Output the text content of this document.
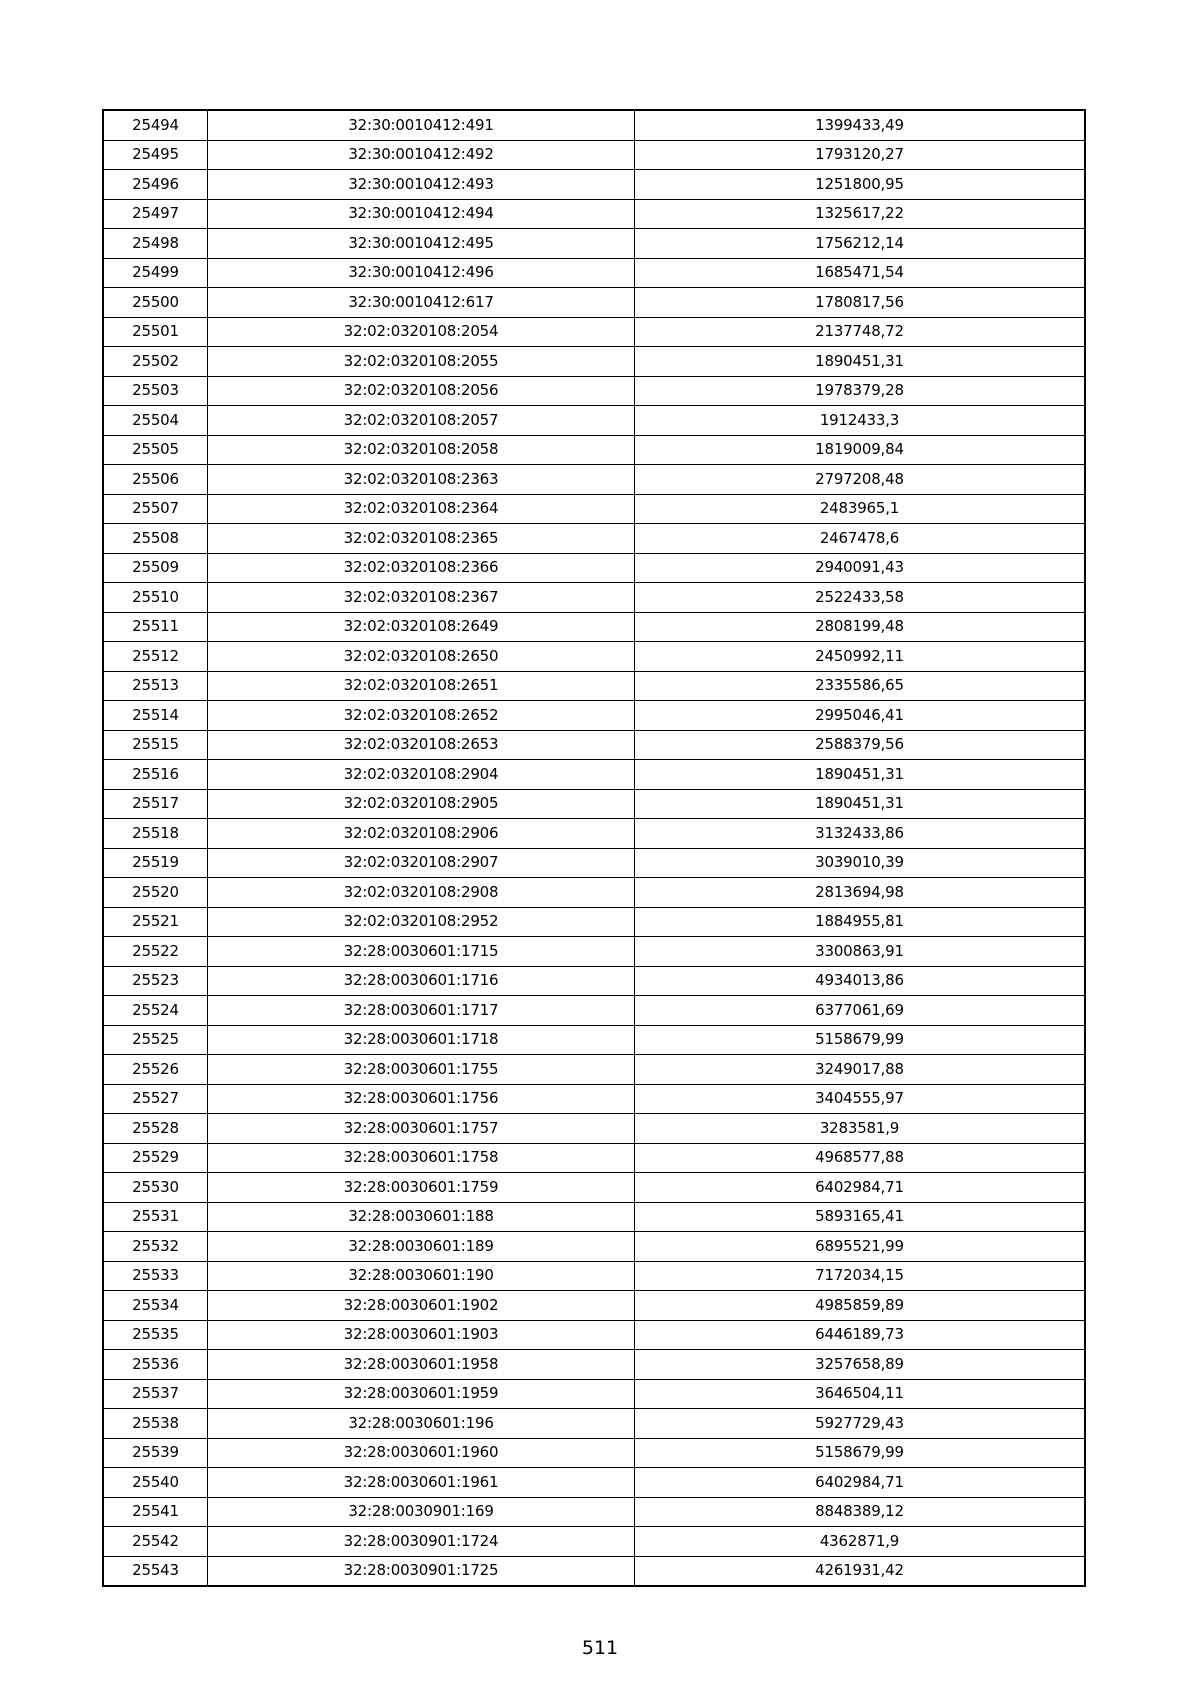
25494	32:30:0010412:491	1399433,49
25495	32:30:0010412:492	1793120,27
25496	32:30:0010412:493	1251800,95
25497	32:30:0010412:494	1325617,22
25498	32:30:0010412:495	1756212,14
25499	32:30:0010412:496	1685471,54
25500	32:30:0010412:617	1780817,56
25501	32:02:0320108:2054	2137748,72
25502	32:02:0320108:2055	1890451,31
25503	32:02:0320108:2056	1978379,28
25504	32:02:0320108:2057	1912433,3
25505	32:02:0320108:2058	1819009,84
25506	32:02:0320108:2363	2797208,48
25507	32:02:0320108:2364	2483965,1
25508	32:02:0320108:2365	2467478,6
25509	32:02:0320108:2366	2940091,43
25510	32:02:0320108:2367	2522433,58
25511	32:02:0320108:2649	2808199,48
25512	32:02:0320108:2650	2450992,11
25513	32:02:0320108:2651	2335586,65
25514	32:02:0320108:2652	2995046,41
25515	32:02:0320108:2653	2588379,56
25516	32:02:0320108:2904	1890451,31
25517	32:02:0320108:2905	1890451,31
25518	32:02:0320108:2906	3132433,86
25519	32:02:0320108:2907	3039010,39
25520	32:02:0320108:2908	2813694,98
25521	32:02:0320108:2952	1884955,81
25522	32:28:0030601:1715	3300863,91
25523	32:28:0030601:1716	4934013,86
25524	32:28:0030601:1717	6377061,69
25525	32:28:0030601:1718	5158679,99
25526	32:28:0030601:1755	3249017,88
25527	32:28:0030601:1756	3404555,97
25528	32:28:0030601:1757	3283581,9
25529	32:28:0030601:1758	4968577,88
25530	32:28:0030601:1759	6402984,71
25531	32:28:0030601:188	5893165,41
25532	32:28:0030601:189	6895521,99
25533	32:28:0030601:190	7172034,15
25534	32:28:0030601:1902	4985859,89
25535	32:28:0030601:1903	6446189,73
25536	32:28:0030601:1958	3257658,89
25537	32:28:0030601:1959	3646504,11
25538	32:28:0030601:196	5927729,43
25539	32:28:0030601:1960	5158679,99
25540	32:28:0030601:1961	6402984,71
25541	32:28:0030901:169	8848389,12
25542	32:28:0030901:1724	4362871,9
25543	32:28:0030901:1725	4261931,42
511
